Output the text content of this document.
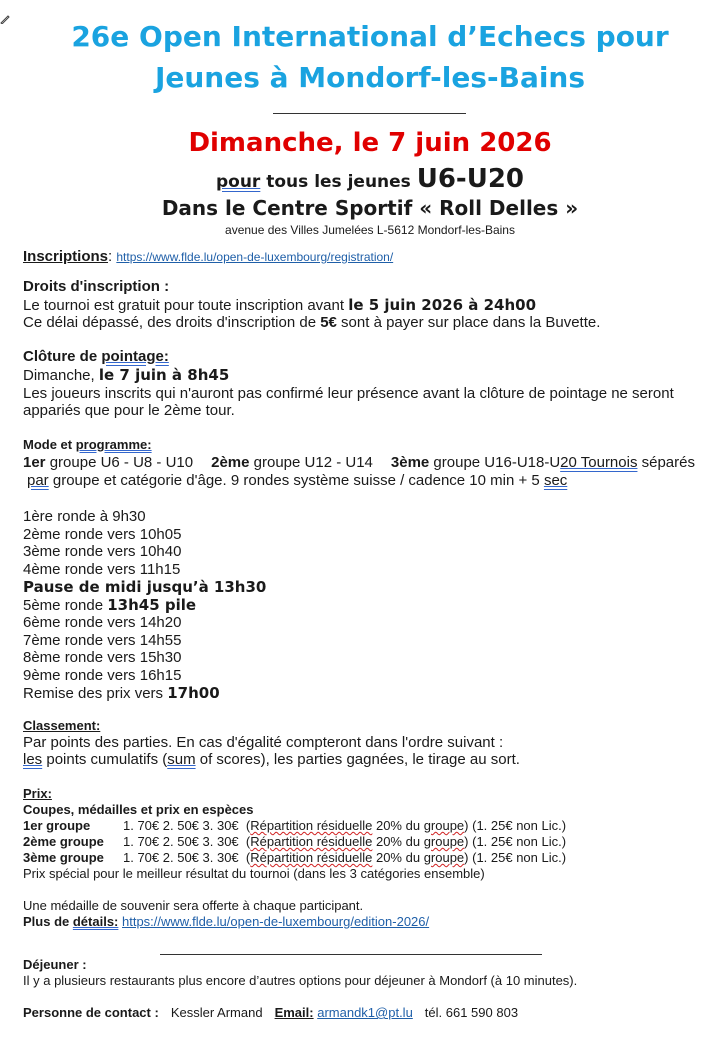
26e Open International d’Echecs pour
Jeunes à Mondorf-les-Bains
Dimanche, le 7 juin 2026
pour tous les jeunes U6-U20
Dans le Centre Sportif « Roll Delles »
avenue des Villes Jumelées L-5612 Mondorf-les-Bains
Inscriptions: https://www.flde.lu/open-de-luxembourg/registration/
Droits d'inscription :
Le tournoi est gratuit pour toute inscription avant le 5 juin 2026 à 24h00
Ce délai dépassé, des droits d'inscription de 5€ sont à payer sur place dans la Buvette.
Clôture de pointage:
Dimanche, le 7 juin à 8h45
Les joueurs inscrits qui n'auront pas confirmé leur présence avant la clôture de pointage ne seront
appariés que pour le 2ème tour.
Mode et programme:
1er groupe U6 - U8 - U10 2ème groupe U12 - U14 3ème groupe U16-U18-U20 Tournois séparés
par groupe et catégorie d'âge. 9 rondes système suisse / cadence 10 min + 5 sec
1ère ronde à 9h30
2ème ronde vers 10h05
3ème ronde vers 10h40
4ème ronde vers 11h15
Pause de midi jusqu’à 13h30
5ème ronde 13h45 pile
6ème ronde vers 14h20
7ème ronde vers 14h55
8ème ronde vers 15h30
9ème ronde vers 16h15
Remise des prix vers 17h00
Classement:
Par points des parties. En cas d'égalité compteront dans l'ordre suivant :
les points cumulatifs (sum of scores), les parties gagnées, le tirage au sort.
Prix:
Coupes, médailles et prix en espèces
1er groupe	1. 70€ 2. 50€ 3. 30€ (Répartition résiduelle 20% du groupe) (1. 25€ non Lic.)
2ème groupe 1. 70€ 2. 50€ 3. 30€ (Répartition résiduelle 20% du groupe) (1. 25€ non Lic.)
3ème groupe 1. 70€ 2. 50€ 3. 30€ (Répartition résiduelle 20% du groupe) (1. 25€ non Lic.)
Prix spécial pour le meilleur résultat du tournoi (dans les 3 catégories ensemble)
Une médaille de souvenir sera offerte à chaque participant.
Plus de détails: https://www.flde.lu/open-de-luxembourg/edition-2026/
Déjeuner :
Il y a plusieurs restaurants plus encore d’autres options pour déjeuner à Mondorf (à 10 minutes).
Personne de contact : Kessler Armand Email: armandk1@pt.lu tél. 661 590 803
